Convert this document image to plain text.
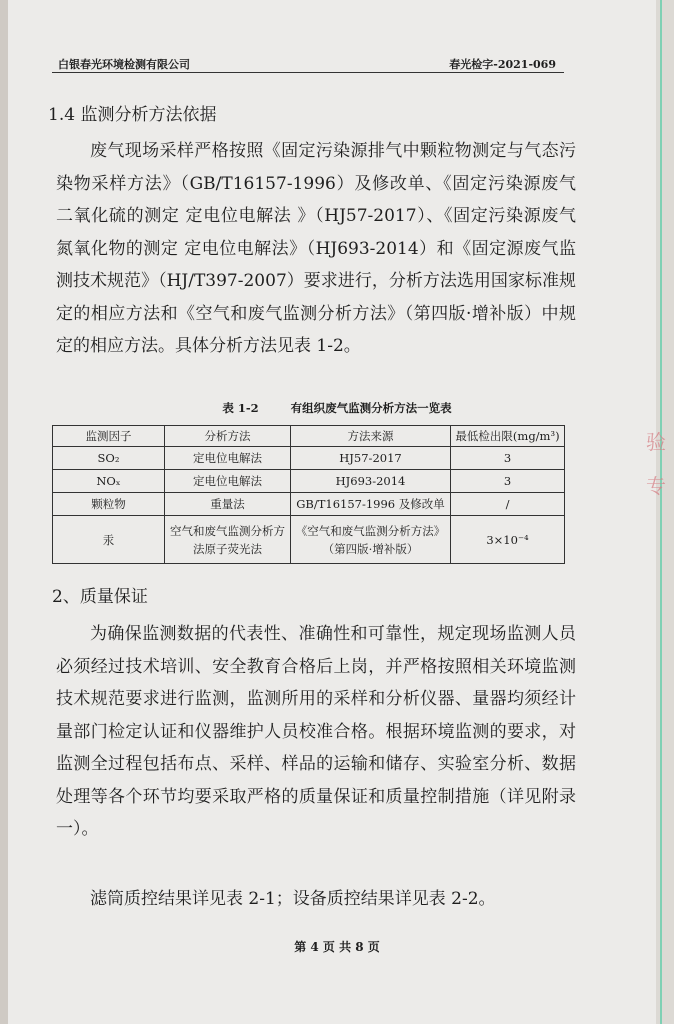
验 专
白银春光环境检测有限公司	春光检字-2021-069
1.4 监测分析方法依据
废气现场采样严格按照《固定污染源排气中颗粒物测定与气态污染物采样方法》（GB/T16157-1996）及修改单、《固定污染源废气 二氧化硫的测定 定电位电解法 》（HJ57-2017）、《固定污染源废气 氮氧化物的测定 定电位电解法》（HJ693-2014）和《固定源废气监测技术规范》（HJ/T397-2007）要求进行，分析方法选用国家标准规定的相应方法和《空气和废气监测分析方法》（第四版·增补版）中规定的相应方法。具体分析方法见表 1-2。
表 1-2	有组织废气监测分析方法一览表
监测因子	分析方法	方法来源	最低检出限(mg/m³)
SO₂	定电位电解法	HJ57-2017	3
NOₓ	定电位电解法	HJ693-2014	3
颗粒物	重量法	GB/T16157-1996 及修改单	/
汞	空气和废气监测分析方法原子荧光法	《空气和废气监测分析方法》（第四版·增补版）	3×10⁻⁴
2、质量保证
为确保监测数据的代表性、准确性和可靠性，规定现场监测人员必须经过技术培训、安全教育合格后上岗，并严格按照相关环境监测技术规范要求进行监测，监测所用的采样和分析仪器、量器均须经计量部门检定认证和仪器维护人员校准合格。根据环境监测的要求，对监测全过程包括布点、采样、样品的运输和储存、实验室分析、数据处理等各个环节均要采取严格的质量保证和质量控制措施（详见附录一）。
滤筒质控结果详见表 2-1；设备质控结果详见表 2-2。
第 4 页 共 8 页
